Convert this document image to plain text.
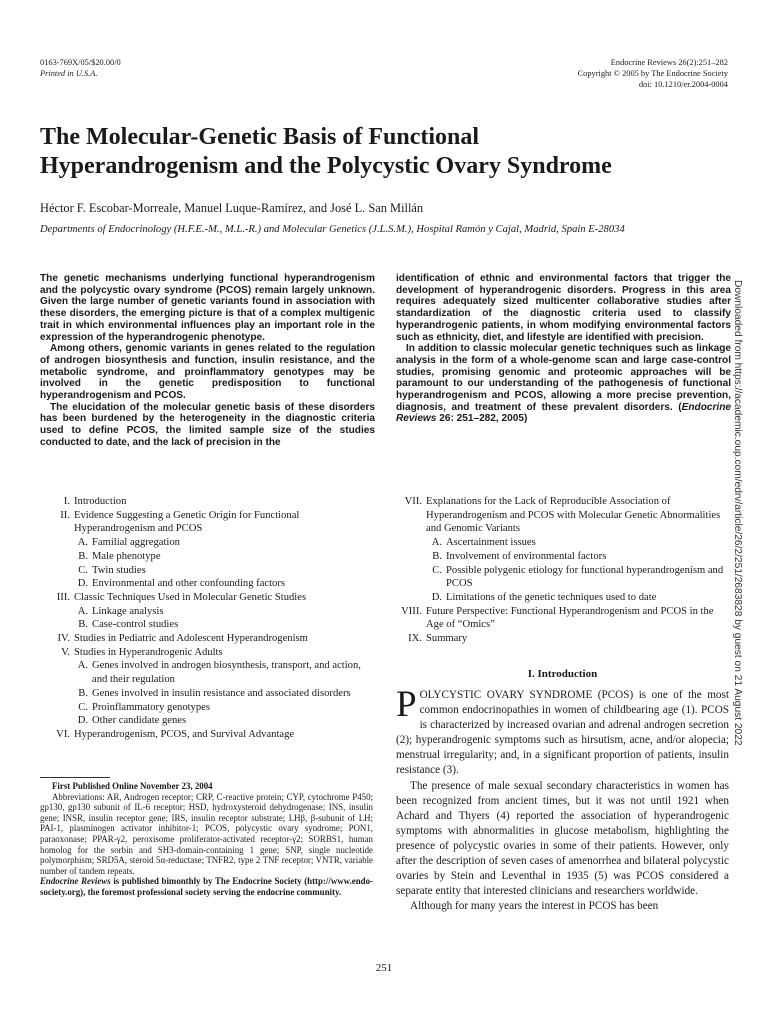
0163-769X/05/$20.00/0
Printed in U.S.A.
Endocrine Reviews 26(2):251–282
Copyright © 2005 by The Endocrine Society
doi: 10.1210/er.2004-0004
The Molecular-Genetic Basis of Functional
Hyperandrogenism and the Polycystic Ovary Syndrome
Héctor F. Escobar-Morreale, Manuel Luque-Ramírez, and José L. San Millán
Departments of Endocrinology (H.F.E.-M., M.L.-R.) and Molecular Genetics (J.L.S.M.), Hospital Ramón y Cajal, Madrid, Spain E-28034

The genetic mechanisms underlying functional hyperandrogenism and the polycystic ovary syndrome (PCOS) remain largely unknown. Given the large number of genetic variants found in association with these disorders, the emerging picture is that of a complex multigenic trait in which environmental influences play an important role in the expression of the hyperandrogenic phenotype.

Among others, genomic variants in genes related to the regulation of androgen biosynthesis and function, insulin resistance, and the metabolic syndrome, and proinflammatory genotypes may be involved in the genetic predisposition to functional hyperandrogenism and PCOS.

The elucidation of the molecular genetic basis of these disorders has been burdened by the heterogeneity in the diagnostic criteria used to define PCOS, the limited sample size of the studies conducted to date, and the lack of precision in the

identification of ethnic and environmental factors that trigger the development of hyperandrogenic disorders. Progress in this area requires adequately sized multicenter collaborative studies after standardization of the diagnostic criteria used to classify hyperandrogenic patients, in whom modifying environmental factors such as ethnicity, diet, and lifestyle are identified with precision.

In addition to classic molecular genetic techniques such as linkage analysis in the form of a whole-genome scan and large case-control studies, promising genomic and proteomic approaches will be paramount to our understanding of the pathogenesis of functional hyperandrogenism and PCOS, allowing a more precise prevention, diagnosis, and treatment of these prevalent disorders. (Endocrine Reviews 26: 251–282, 2005)

I. Introduction
II. Evidence Suggesting a Genetic Origin for Functional Hyperandrogenism and PCOS
A. Familial aggregation
B. Male phenotype
C. Twin studies
D. Environmental and other confounding factors
III. Classic Techniques Used in Molecular Genetic Studies
A. Linkage analysis
B. Case-control studies
IV. Studies in Pediatric and Adolescent Hyperandrogenism
V. Studies in Hyperandrogenic Adults
A. Genes involved in androgen biosynthesis, transport, and action, and their regulation
B. Genes involved in insulin resistance and associated disorders
C. Proinflammatory genotypes
D. Other candidate genes
VI. Hyperandrogenism, PCOS, and Survival Advantage
VII. Explanations for the Lack of Reproducible Association of Hyperandrogenism and PCOS with Molecular Genetic Abnormalities and Genomic Variants
A. Ascertainment issues
B. Involvement of environmental factors
C. Possible polygenic etiology for functional hyperandrogenism and PCOS
D. Limitations of the genetic techniques used to date
VIII. Future Perspective: Functional Hyperandrogenism and PCOS in the Age of “Omics”
IX. Summary	Downloaded from https://academic.oup.com/edrv/article/26/2/251/2683828 by guest on 21 August 2022
I. Introduction

POLYCYSTIC OVARY SYNDROME (PCOS) is one of the most common endocrinopathies in women of childbearing age (1). PCOS is characterized by increased ovarian and adrenal androgen secretion (2); hyperandrogenic symptoms such as hirsutism, acne, and/or alopecia; menstrual irregularity; and, in a significant proportion of patients, insulin resistance (3).

The presence of male sexual secondary characteristics in women has been recognized from ancient times, but it was not until 1921 when Achard and Thyers (4) reported the association of hyperandrogenic symptoms with abnormalities in glucose metabolism, highlighting the presence of polycystic ovaries in some of their patients. However, only after the description of seven cases of amenorrhea and bilateral polycystic ovaries by Stein and Leventhal in 1935 (5) was PCOS considered a separate entity that interested clinicians and researchers worldwide.

Although for many years the interest in PCOS has been

First Published Online November 23, 2004

Abbreviations: AR, Androgen receptor; CRP, C-reactive protein; CYP, cytochrome P450; gp130, gp130 subunit of IL-6 receptor; HSD, hydroxysteroid dehydrogenase; INS, insulin gene; INSR, insulin receptor gene; IRS, insulin receptor substrate; LHβ, β-subunit of LH; PAI-1, plasminogen activator inhibitor-1; PCOS, polycystic ovary syndrome; PON1, paraoxonase; PPAR-γ2, peroxisome proliferator-activated receptor-γ2; SORBS1, human homolog for the sorbin and SH3-domain-containing 1 gene; SNP, single nucleotide polymorphism; SRD5A, steroid 5α-reductase; TNFR2, type 2 TNF receptor; VNTR, variable number of tandem repeats.

Endocrine Reviews is published bimonthly by The Endocrine Society (http://www.endo-society.org), the foremost professional society serving the endocrine community.

251
